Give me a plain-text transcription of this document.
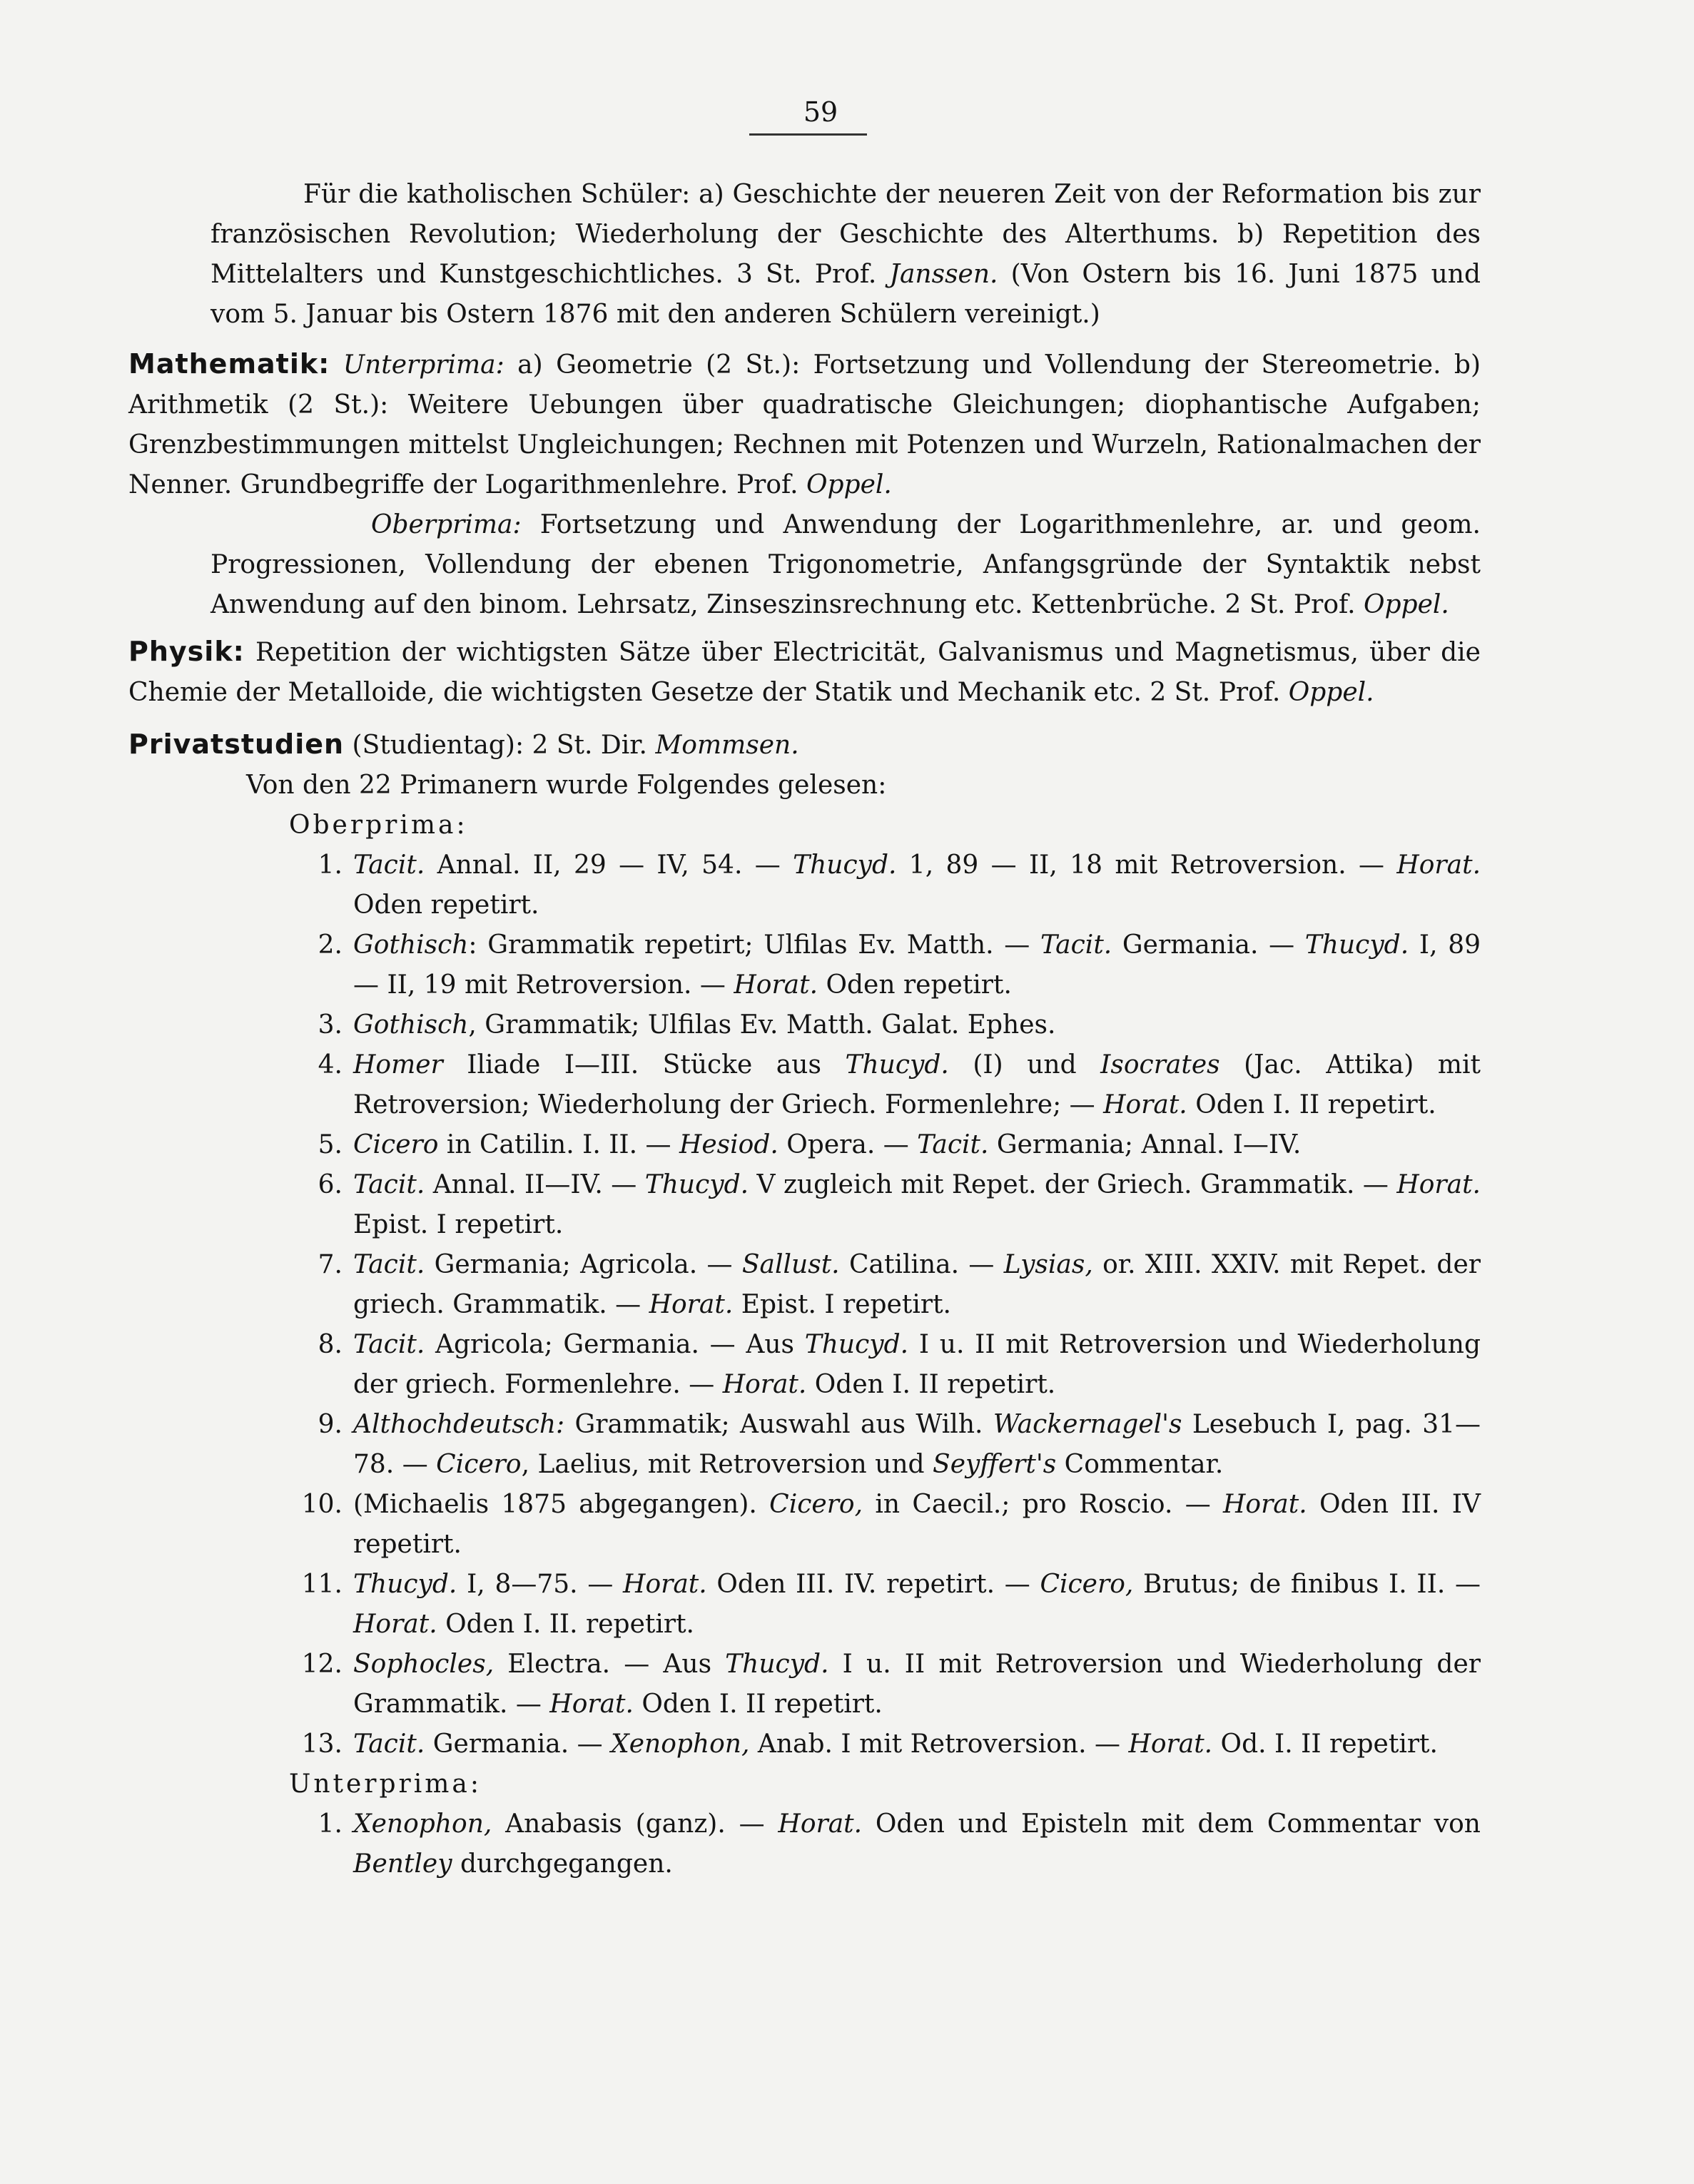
59

Für die katholischen Schüler: a) Geschichte der neueren Zeit von der Reformation bis zur französischen Revolution; Wiederholung der Geschichte des Alterthums. b) Repetition des Mittelalters und Kunstgeschichtliches. 3 St. Prof. Janssen. (Von Ostern bis 16. Juni 1875 und vom 5. Januar bis Ostern 1876 mit den anderen Schülern vereinigt.)

Mathematik: Unterprima: a) Geometrie (2 St.): Fortsetzung und Vollendung der Stereometrie. b) Arithmetik (2 St.): Weitere Uebungen über quadratische Gleichungen; diophantische Aufgaben; Grenzbestimmungen mittelst Ungleichungen; Rechnen mit Potenzen und Wurzeln, Rationalmachen der Nenner. Grundbegriffe der Logarithmenlehre. Prof. Oppel.

Oberprima: Fortsetzung und Anwendung der Logarithmenlehre, ar. und geom. Progressionen, Vollendung der ebenen Trigonometrie, Anfangsgründe der Syntaktik nebst Anwendung auf den binom. Lehrsatz, Zinseszinsrechnung etc. Kettenbrüche. 2 St. Prof. Oppel.

Physik: Repetition der wichtigsten Sätze über Electricität, Galvanismus und Magnetismus, über die Chemie der Metalloide, die wichtigsten Gesetze der Statik und Mechanik etc. 2 St. Prof. Oppel.

Privatstudien (Studientag): 2 St. Dir. Mommsen.

Von den 22 Primanern wurde Folgendes gelesen:

Oberprima:

1. Tacit. Annal. II, 29 — IV, 54. — Thucyd. 1, 89 — II, 18 mit Retroversion. — Horat. Oden repetirt.
2. Gothisch: Grammatik repetirt; Ulfilas Ev. Matth. — Tacit. Germania. — Thucyd. I, 89 — II, 19 mit Retroversion. — Horat. Oden repetirt.
3. Gothisch, Grammatik; Ulfilas Ev. Matth. Galat. Ephes.
4. Homer Iliade I—III. Stücke aus Thucyd. (I) und Isocrates (Jac. Attika) mit Retroversion; Wiederholung der Griech. Formenlehre; — Horat. Oden I. II repetirt.
5. Cicero in Catilin. I. II. — Hesiod. Opera. — Tacit. Germania; Annal. I—IV.
6. Tacit. Annal. II—IV. — Thucyd. V zugleich mit Repet. der Griech. Grammatik. — Horat. Epist. I repetirt.
7. Tacit. Germania; Agricola. — Sallust. Catilina. — Lysias, or. XIII. XXIV. mit Repet. der griech. Grammatik. — Horat. Epist. I repetirt.
8. Tacit. Agricola; Germania. — Aus Thucyd. I u. II mit Retroversion und Wiederholung der griech. Formenlehre. — Horat. Oden I. II repetirt.
9. Althochdeutsch: Grammatik; Auswahl aus Wilh. Wackernagel's Lesebuch I, pag. 31—78. — Cicero, Laelius, mit Retroversion und Seyffert's Commentar.
10. (Michaelis 1875 abgegangen). Cicero, in Caecil.; pro Roscio. — Horat. Oden III. IV repetirt.
11. Thucyd. I, 8—75. — Horat. Oden III. IV. repetirt. — Cicero, Brutus; de finibus I. II. — Horat. Oden I. II. repetirt.
12. Sophocles, Electra. — Aus Thucyd. I u. II mit Retroversion und Wiederholung der Grammatik. — Horat. Oden I. II repetirt.
13. Tacit. Germania. — Xenophon, Anab. I mit Retroversion. — Horat. Od. I. II repetirt.

Unterprima:

1. Xenophon, Anabasis (ganz). — Horat. Oden und Episteln mit dem Commentar von Bentley durchgegangen.
